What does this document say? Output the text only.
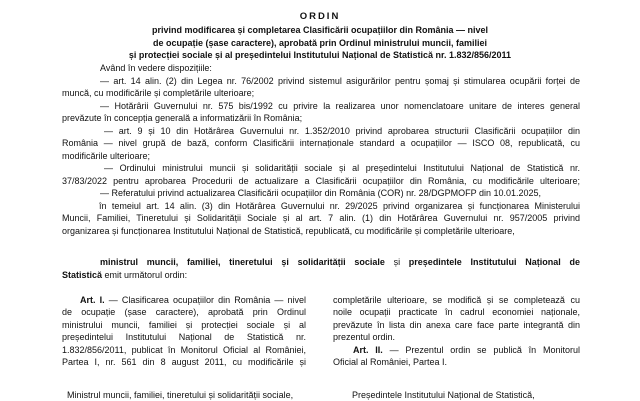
ORDIN
privind modificarea și completarea Clasificării ocupațiilor din România — nivel
de ocupație (șase caractere), aprobată prin Ordinul ministrului muncii, familiei
și protecției sociale și al președintelui Institutului Național de Statistică nr. 1.832/856/2011
Având în vedere dispozițiile:
— art. 14 alin. (2) din Legea nr. 76/2002 privind sistemul asigurărilor pentru șomaj și stimularea ocupării forței de
muncă, cu modificările și completările ulterioare;
— Hotărârii Guvernului nr. 575 bis/1992 cu privire la realizarea unor nomenclatoare unitare de interes general
prevăzute în concepția generală a informatizării în România;
— art. 9 și 10 din Hotărârea Guvernului nr. 1.352/2010 privind aprobarea structurii Clasificării ocupațiilor din
România — nivel grupă de bază, conform Clasificării internaționale standard a ocupațiilor — ISCO 08, republicată, cu
modificările ulterioare;
— Ordinului ministrului muncii și solidarității sociale și al președintelui Institutului Național de Statistică nr.
37/83/2022 pentru aprobarea Procedurii de actualizare a Clasificării ocupațiilor din România, cu modificările ulterioare;
— Referatului privind actualizarea Clasificării ocupațiilor din România (COR) nr. 28/DGPMOFP din 10.01.2025,
în temeiul art. 14 alin. (3) din Hotărârea Guvernului nr. 29/2025 privind organizarea și funcționarea Ministerului
Muncii, Familiei, Tineretului și Solidarității Sociale și al art. 7 alin. (1) din Hotărârea Guvernului nr. 957/2005 privind
organizarea și funcționarea Institutului Național de Statistică, republicată, cu modificările și completările ulterioare,
ministrul muncii, familiei, tineretului și solidarității sociale și președintele Institutului Național de
Statistică emit următorul ordin:
Art. I. — Clasificarea ocupațiilor din România — nivel
de ocupație (șase caractere), aprobată prin Ordinul
ministrului muncii, familiei și protecției sociale și al
președintelui Institutului Național de Statistică nr.
1.832/856/2011, publicat în Monitorul Oficial al României,
Partea I, nr. 561 din 8 august 2011, cu modificările și
completările ulterioare, se modifică și se completează cu
noile ocupații practicate în cadrul economiei naționale,
prevăzute în lista din anexa care face parte integrantă din
prezentul ordin.
Art. II. — Prezentul ordin se publică în Monitorul
Oficial al României, Partea I.
Ministrul muncii, familiei, tineretului și solidarității sociale,	Președintele Institutului Național de Statistică,
